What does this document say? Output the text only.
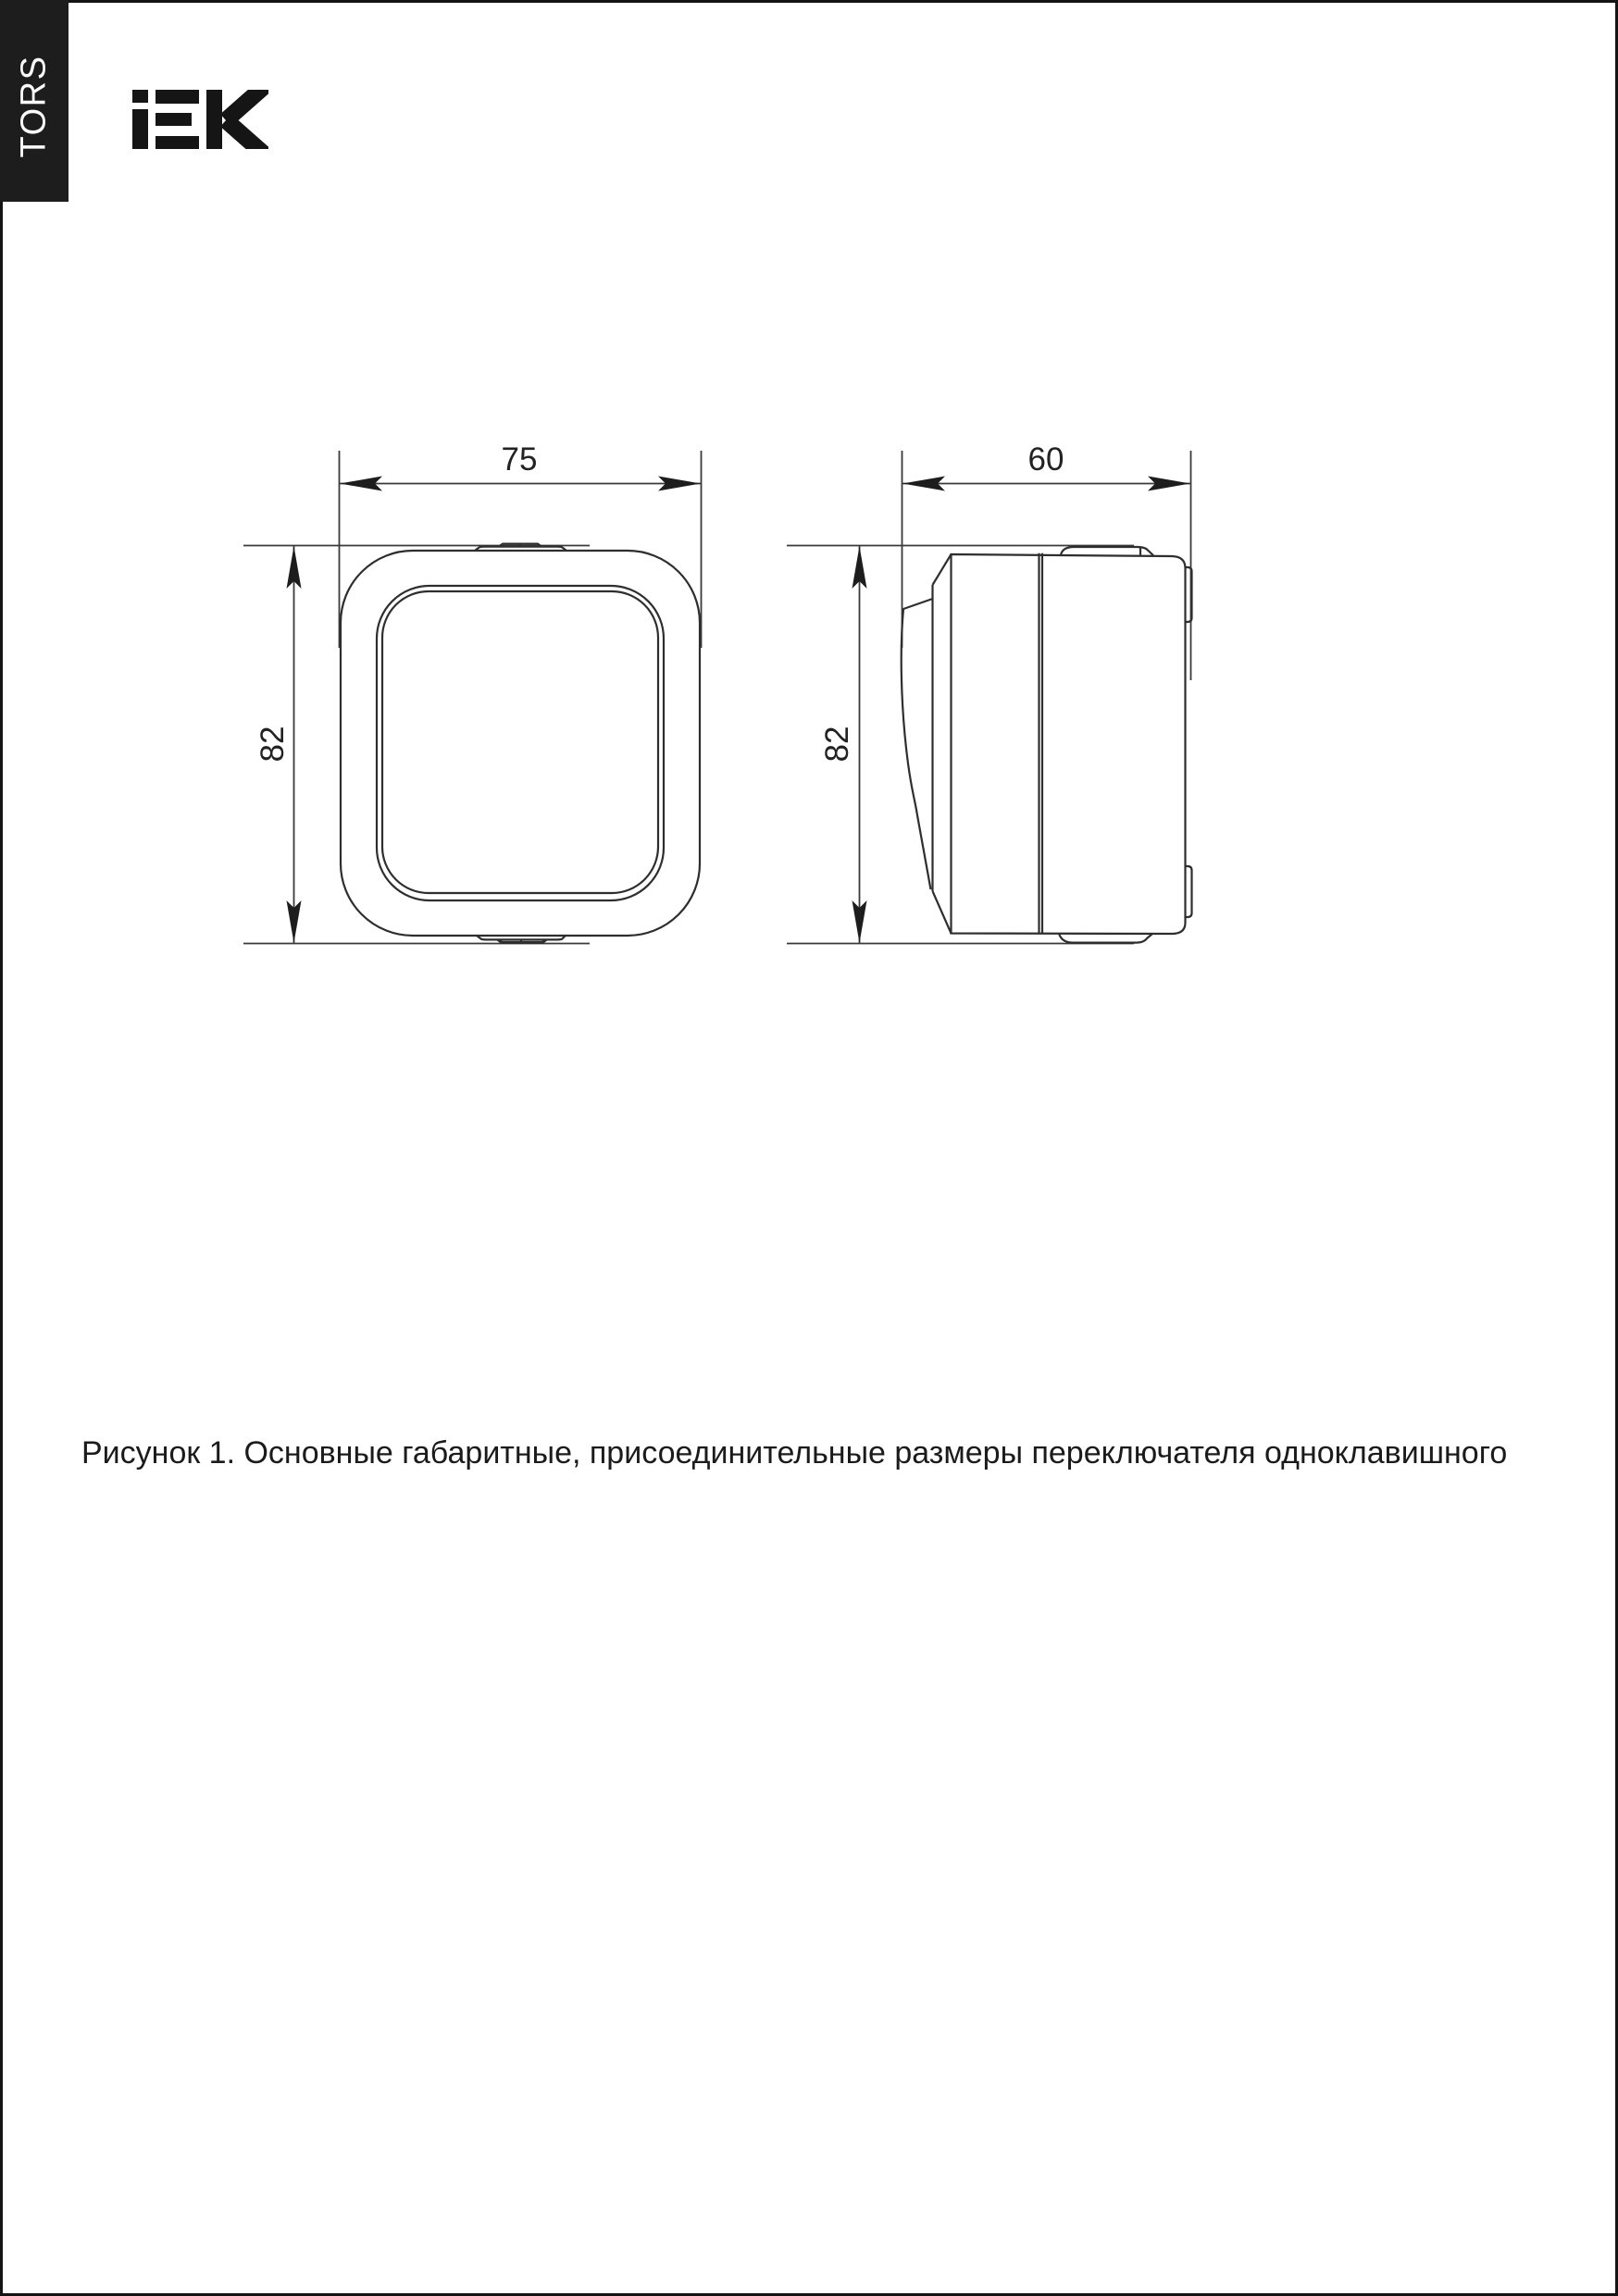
TORS
75	60
82	82
Рисунок 1. Основные габаритные, присоединительные размеры переключателя одноклавишного
